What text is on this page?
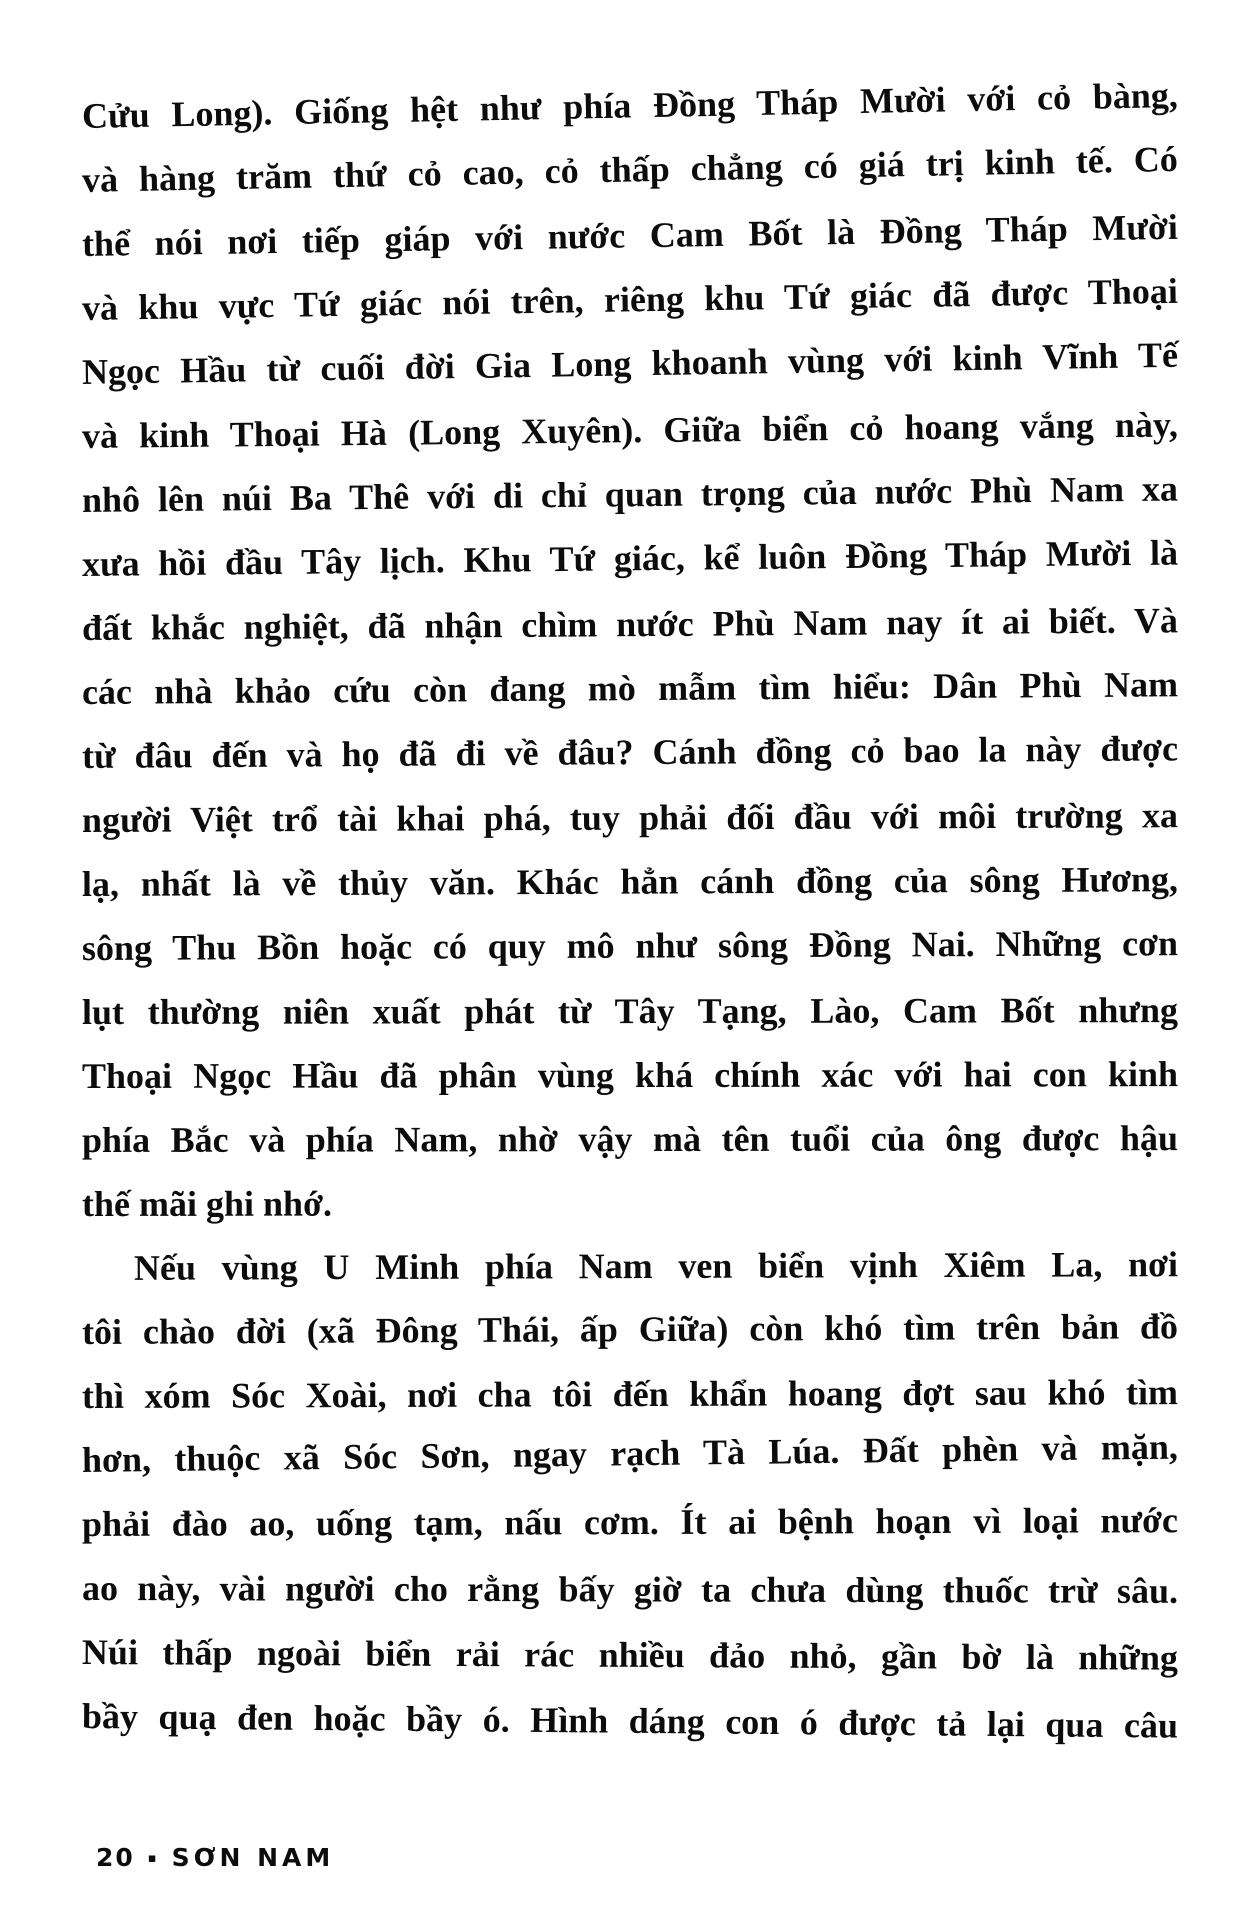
Cửu Long). Giống hệt như phía Đồng Tháp Mười với cỏ bàng,
và hàng trăm thứ cỏ cao, cỏ thấp chẳng có giá trị kinh tế. Có
thể nói nơi tiếp giáp với nước Cam Bốt là Đồng Tháp Mười
và khu vực Tứ giác nói trên, riêng khu Tứ giác đã được Thoại
Ngọc Hầu từ cuối đời Gia Long khoanh vùng với kinh Vĩnh Tế
và kinh Thoại Hà (Long Xuyên). Giữa biển cỏ hoang vắng này,
nhô lên núi Ba Thê với di chỉ quan trọng của nước Phù Nam xa
xưa hồi đầu Tây lịch. Khu Tứ giác, kể luôn Đồng Tháp Mười là
đất khắc nghiệt, đã nhận chìm nước Phù Nam nay ít ai biết. Và
các nhà khảo cứu còn đang mò mẫm tìm hiểu: Dân Phù Nam
từ đâu đến và họ đã đi về đâu? Cánh đồng cỏ bao la này được
người Việt trổ tài khai phá, tuy phải đối đầu với môi trường xa
lạ, nhất là về thủy văn. Khác hẳn cánh đồng của sông Hương,
sông Thu Bồn hoặc có quy mô như sông Đồng Nai. Những cơn
lụt thường niên xuất phát từ Tây Tạng, Lào, Cam Bốt nhưng
Thoại Ngọc Hầu đã phân vùng khá chính xác với hai con kinh
phía Bắc và phía Nam, nhờ vậy mà tên tuổi của ông được hậu
thế mãi ghi nhớ.
Nếu vùng U Minh phía Nam ven biển vịnh Xiêm La, nơi
tôi chào đời (xã Đông Thái, ấp Giữa) còn khó tìm trên bản đồ
thì xóm Sóc Xoài, nơi cha tôi đến khẩn hoang đợt sau khó tìm
hơn, thuộc xã Sóc Sơn, ngay rạch Tà Lúa. Đất phèn và mặn,
phải đào ao, uống tạm, nấu cơm. Ít ai bệnh hoạn vì loại nước
ao này, vài người cho rằng bấy giờ ta chưa dùng thuốc trừ sâu.
Núi thấp ngoài biển rải rác nhiều đảo nhỏ, gần bờ là những
bầy quạ đen hoặc bầy ó. Hình dáng con ó được tả lại qua câu
20 ▪ SƠN NAM
